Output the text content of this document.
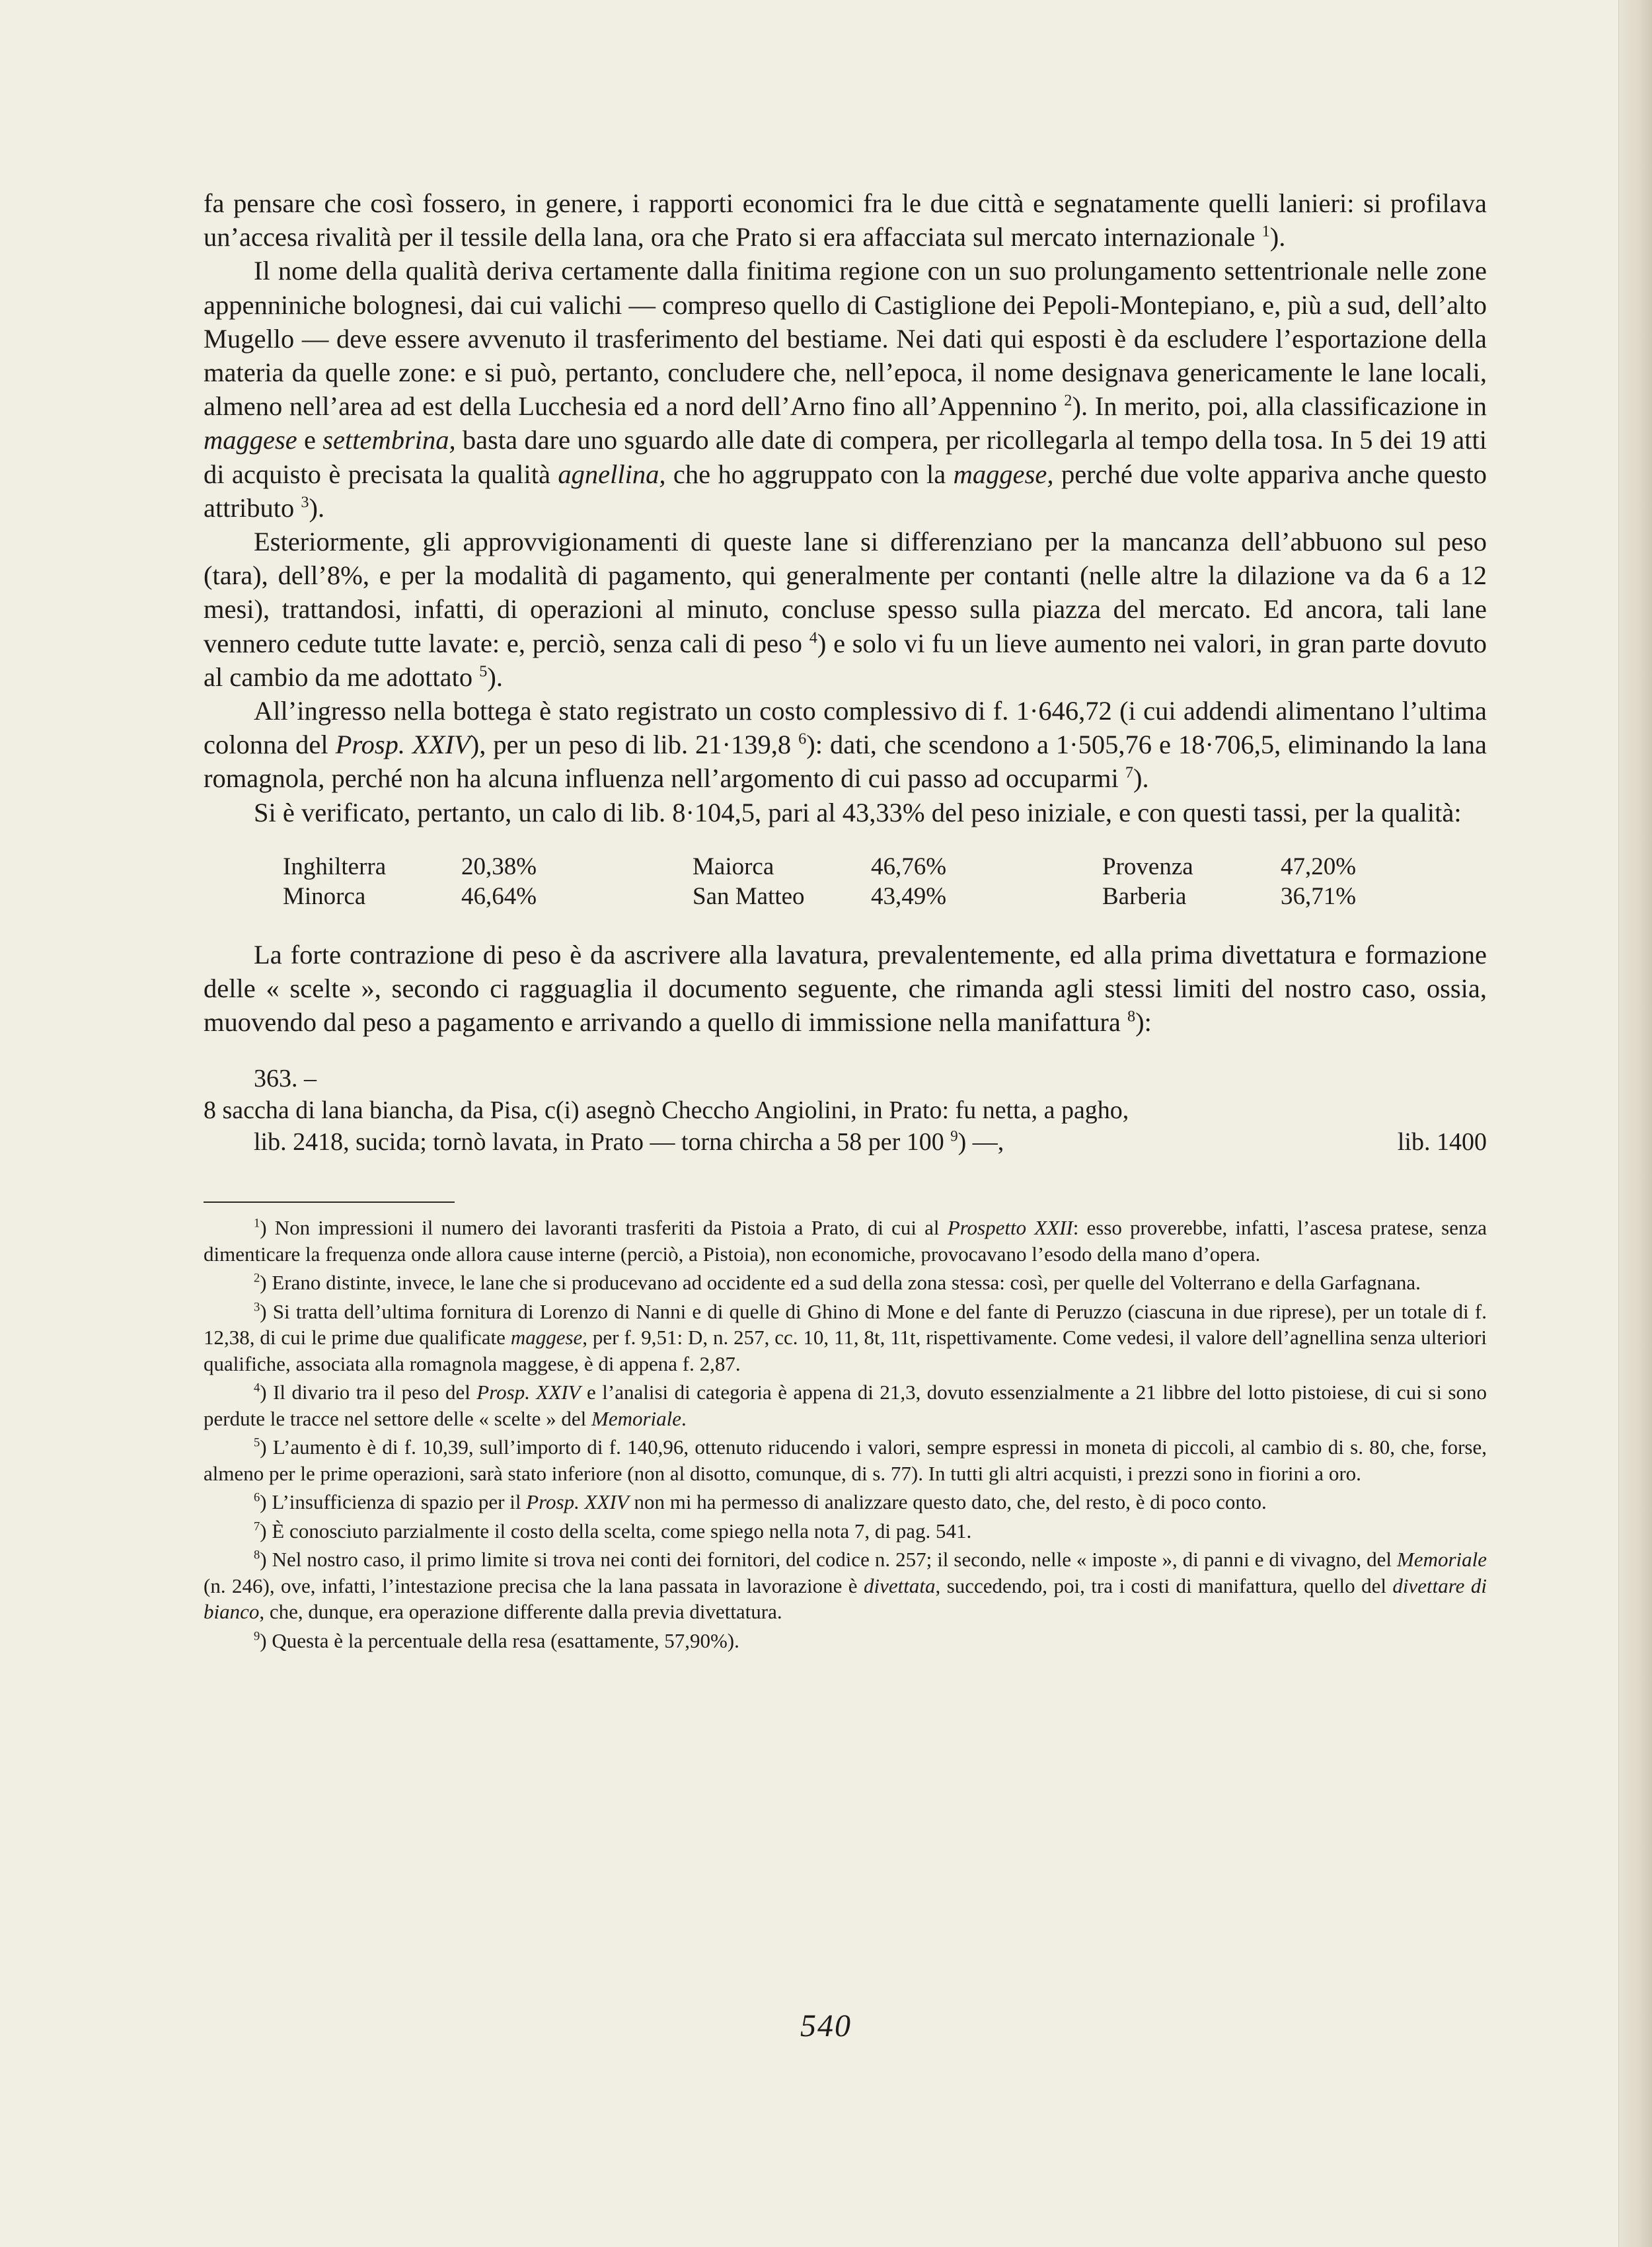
fa pensare che così fossero, in genere, i rapporti economici fra le due città e segnatamente quelli lanieri: si profilava un’accesa rivalità per il tessile della lana, ora che Prato si era affacciata sul mercato internazionale $^1$).

Il nome della qualità deriva certamente dalla finitima regione con un suo prolungamento settentrionale nelle zone appenniniche bolognesi, dai cui valichi — compreso quello di Castiglione dei Pepoli-Montepiano, e, più a sud, dell’alto Mugello — deve essere avvenuto il trasferimento del bestiame. Nei dati qui esposti è da escludere l’esportazione della materia da quelle zone: e si può, pertanto, concludere che, nell’epoca, il nome designava genericamente le lane locali, almeno nell’area ad est della Lucchesia ed a nord dell’Arno fino all’Appennino $^2$). In merito, poi, alla classificazione in maggese e settembrina, basta dare uno sguardo alle date di compera, per ricollegarla al tempo della tosa. In 5 dei 19 atti di acquisto è precisata la qualità agnellina, che ho aggruppato con la maggese, perché due volte appariva anche questo attributo $^3$).

Esteriormente, gli approvvigionamenti di queste lane si differenziano per la mancanza dell’abbuono sul peso (tara), dell’8%, e per la modalità di pagamento, qui generalmente per contanti (nelle altre la dilazione va da 6 a 12 mesi), trattandosi, infatti, di operazioni al minuto, concluse spesso sulla piazza del mercato. Ed ancora, tali lane vennero cedute tutte lavate: e, perciò, senza cali di peso $^4$) e solo vi fu un lieve aumento nei valori, in gran parte dovuto al cambio da me adottato $^5$).

All’ingresso nella bottega è stato registrato un costo complessivo di f. 1·646,72 (i cui addendi alimentano l’ultima colonna del Prosp. XXIV), per un peso di lib. 21·139,8 $^6$): dati, che scendono a 1·505,76 e 18·706,5, eliminando la lana romagnola, perché non ha alcuna influenza nell’argomento di cui passo ad occuparmi $^7$).

Si è verificato, pertanto, un calo di lib. 8·104,5, pari al 43,33% del peso iniziale, e con questi tassi, per la qualità:

Inghilterra	20,38%	Maiorca	46,76%	Provenza	47,20%
Minorca	46,64%	San Matteo	43,49%	Barberia	36,71%

La forte contrazione di peso è da ascrivere alla lavatura, prevalentemente, ed alla prima divettatura e formazione delle « scelte », secondo ci ragguaglia il documento seguente, che rimanda agli stessi limiti del nostro caso, ossia, muovendo dal peso a pagamento e arrivando a quello di immissione nella manifattura $^8$):

363. –
8 saccha di lana biancha, da Pisa, c(i) asegnò Checcho Angiolini, in Prato: fu netta, a pagho,
lib. 2418, sucida; tornò lavata, in Prato — torna chircha a 58 per 100 $^9$) —,	lib. 1400

$^1$) Non impressioni il numero dei lavoranti trasferiti da Pistoia a Prato, di cui al Prospetto XXII: esso proverebbe, infatti, l’ascesa pratese, senza dimenticare la frequenza onde allora cause interne (perciò, a Pistoia), non economiche, provocavano l’esodo della mano d’opera.

$^2$) Erano distinte, invece, le lane che si producevano ad occidente ed a sud della zona stessa: così, per quelle del Volterrano e della Garfagnana.

$^3$) Si tratta dell’ultima fornitura di Lorenzo di Nanni e di quelle di Ghino di Mone e del fante di Peruzzo (ciascuna in due riprese), per un totale di f. 12,38, di cui le prime due qualificate maggese, per f. 9,51: D, n. 257, cc. 10, 11, 8t, 11t, rispettivamente. Come vedesi, il valore dell’agnellina senza ulteriori qualifiche, associata alla romagnola maggese, è di appena f. 2,87.

$^4$) Il divario tra il peso del Prosp. XXIV e l’analisi di categoria è appena di 21,3, dovuto essenzialmente a 21 libbre del lotto pistoiese, di cui si sono perdute le tracce nel settore delle « scelte » del Memoriale.

$^5$) L’aumento è di f. 10,39, sull’importo di f. 140,96, ottenuto riducendo i valori, sempre espressi in moneta di piccoli, al cambio di s. 80, che, forse, almeno per le prime operazioni, sarà stato inferiore (non al disotto, comunque, di s. 77). In tutti gli altri acquisti, i prezzi sono in fiorini a oro.

$^6$) L’insufficienza di spazio per il Prosp. XXIV non mi ha permesso di analizzare questo dato, che, del resto, è di poco conto.

$^7$) È conosciuto parzialmente il costo della scelta, come spiego nella nota 7, di pag. 541.

$^8$) Nel nostro caso, il primo limite si trova nei conti dei fornitori, del codice n. 257; il secondo, nelle « imposte », di panni e di vivagno, del Memoriale (n. 246), ove, infatti, l’intestazione precisa che la lana passata in lavorazione è divettata, succedendo, poi, tra i costi di manifattura, quello del divettare di bianco, che, dunque, era operazione differente dalla previa divettatura.

$^9$) Questa è la percentuale della resa (esattamente, 57,90%).

540
